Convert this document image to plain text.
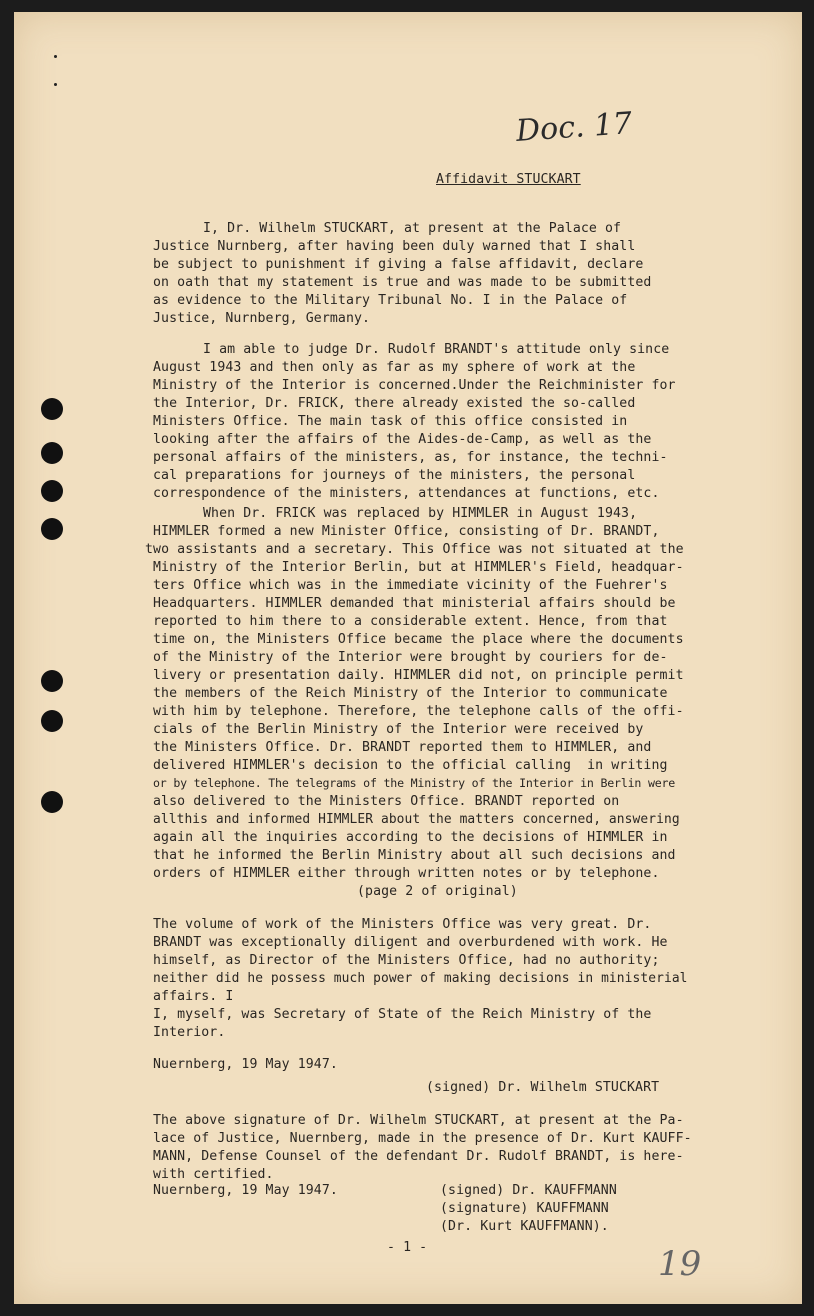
Doc. 17
Affidavit STUCKART
I, Dr. Wilhelm STUCKART, at present at the Palace of
Justice Nurnberg, after having been duly warned that I shall
be subject to punishment if giving a false affidavit, declare
on oath that my statement is true and was made to be submitted
as evidence to the Military Tribunal No. I in the Palace of
Justice, Nurnberg, Germany.
I am able to judge Dr. Rudolf BRANDT's attitude only since
August 1943 and then only as far as my sphere of work at the
Ministry of the Interior is concerned.Under the Reichminister for
the Interior, Dr. FRICK, there already existed the so-called
Ministers Office. The main task of this office consisted in
looking after the affairs of the Aides-de-Camp, as well as the
personal affairs of the ministers, as, for instance, the techni-
cal preparations for journeys of the ministers, the personal
correspondence of the ministers, attendances at functions, etc.
When Dr. FRICK was replaced by HIMMLER in August 1943,
HIMMLER formed a new Minister Office, consisting of Dr. BRANDT,
two assistants and a secretary. This Office was not situated at the
Ministry of the Interior Berlin, but at HIMMLER's Field, headquar-
ters Office which was in the immediate vicinity of the Fuehrer's
Headquarters. HIMMLER demanded that ministerial affairs should be
reported to him there to a considerable extent. Hence, from that
time on, the Ministers Office became the place where the documents
of the Ministry of the Interior were brought by couriers for de-
livery or presentation daily. HIMMLER did not, on principle permit
the members of the Reich Ministry of the Interior to communicate
with him by telephone. Therefore, the telephone calls of the offi-
cials of the Berlin Ministry of the Interior were received by
the Ministers Office. Dr. BRANDT reported them to HIMMLER, and
delivered HIMMLER's decision to the official calling  in writing
or by telephone. The telegrams of the Ministry of the Interior in Berlin were
also delivered to the Ministers Office. BRANDT reported on
allthis and informed HIMMLER about the matters concerned, answering
again all the inquiries according to the decisions of HIMMLER in
that he informed the Berlin Ministry about all such decisions and
orders of HIMMLER either through written notes or by telephone.
(page 2 of original)
The volume of work of the Ministers Office was very great. Dr.
BRANDT was exceptionally diligent and overburdened with work. He
himself, as Director of the Ministers Office, had no authority;
neither did he possess much power of making decisions in ministerial
affairs. I
I, myself, was Secretary of State of the Reich Ministry of the
Interior.
Nuernberg, 19 May 1947.
(signed) Dr. Wilhelm STUCKART
The above signature of Dr. Wilhelm STUCKART, at present at the Pa-
lace of Justice, Nuernberg, made in the presence of Dr. Kurt KAUFF-
MANN, Defense Counsel of the defendant Dr. Rudolf BRANDT, is here-
with certified.
Nuernberg, 19 May 1947.	(signed) Dr. KAUFFMANN
(signature) KAUFFMANN
(Dr. Kurt KAUFFMANN).
- 1 -	19
